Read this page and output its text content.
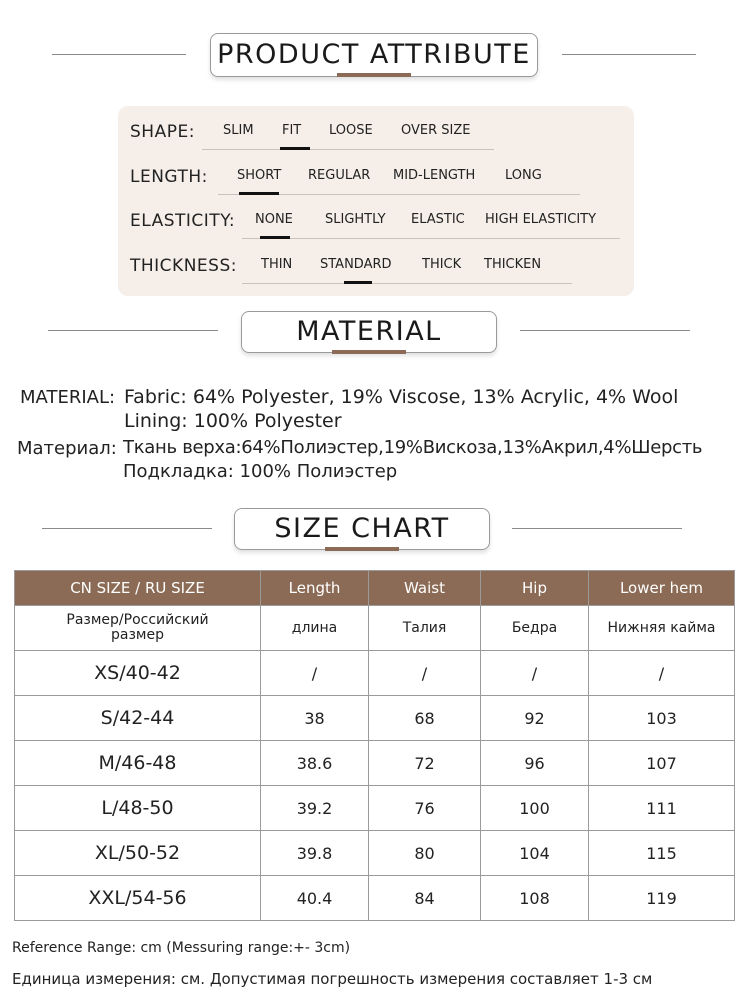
PRODUCT ATTRIBUTE
SHAPE: SLIM FIT LOOSE OVER SIZE
LENGTH: SHORT REGULAR MID-LENGTH LONG
ELASTICITY: NONE SLIGHTLY ELASTIC HIGH ELASTICITY
THICKNESS: THIN STANDARD THICK THICKEN
MATERIAL
MATERIAL: Fabric: 64% Polyester, 19% Viscose, 13% Acrylic, 4% Wool
Lining: 100% Polyester
Материал: Ткань верха:64%Полиэстер,19%Вискоза,13%Акрил,4%Шерсть
Подкладка: 100% Полиэстер
SIZE CHART
CN SIZE / RU SIZE	Length	Waist	Hip	Lower hem
Размер/Российский размер	длина	Талия	Бедра	Нижняя кайма
XS/40-42	/	/	/	/
S/42-44	38	68	92	103
M/46-48	38.6	72	96	107
L/48-50	39.2	76	100	111
XL/50-52	39.8	80	104	115
XXL/54-56	40.4	84	108	119
Reference Range: cm (Messuring range:+- 3cm)
Единица измерения: см. Допустимая погрешность измерения составляет 1-3 см
